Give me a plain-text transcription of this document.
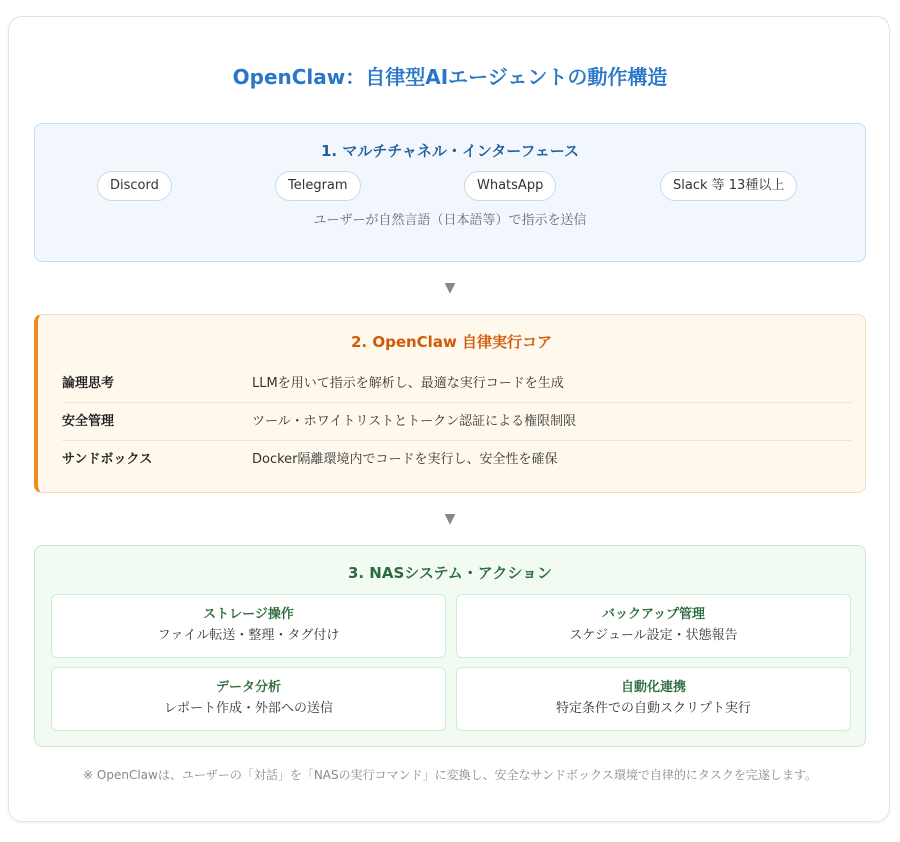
OpenClaw：自律型AIエージェントの動作構造
1. マルチチャネル・インターフェース
Discord	Telegram	WhatsApp	Slack 等 13種以上
ユーザーが自然言語（日本語等）で指示を送信
▼
2. OpenClaw 自律実行コア
論理思考	LLMを用いて指示を解析し、最適な実行コードを生成
安全管理	ツール・ホワイトリストとトークン認証による権限制限
サンドボックス	Docker隔離環境内でコードを実行し、安全性を確保
▼
3. NASシステム・アクション
ストレージ操作
ファイル転送・整理・タグ付け
バックアップ管理
スケジュール設定・状態報告
データ分析
レポート作成・外部への送信
自動化連携
特定条件での自動スクリプト実行
※ OpenClawは、ユーザーの「対話」を「NASの実行コマンド」に変換し、安全なサンドボックス環境で自律的にタスクを完遂します。
